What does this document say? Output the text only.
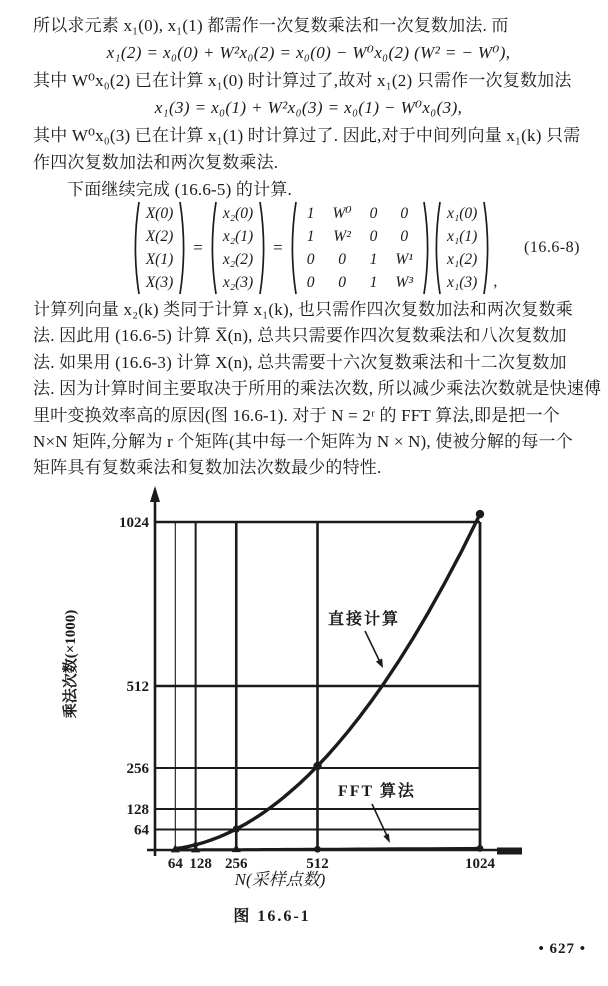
所以求元素 x₁(0), x₁(1) 都需作一次复数乘法和一次复数加法. 而
x₁(2) = x₀(0) + W²x₀(2) = x₀(0) − W⁰x₀(2) (W² = − W⁰),
其中 W⁰x₀(2) 已在计算 x₁(0) 时计算过了,故对 x₁(2) 只需作一次复数加法
x₁(3) = x₀(1) + W²x₀(3) = x₀(1) − W⁰x₀(3),
其中 W⁰x₀(3) 已在计算 x₁(1) 时计算过了. 因此,对于中间列向量 x₁(k) 只需
作四次复数加法和两次复数乘法.
下面继续完成 (16.6-5) 的计算.
X(0)
X(2)
X(1)
X(3)
=
x₂(0)
x₂(1)
x₂(2)
x₂(3)
=
1	W⁰	0	0
1	W²	0	0
0	0	1	W¹
0	0	1	W³
x₁(0)
x₁(1)
x₁(2)
x₁(3)	,
(16.6-8)
计算列向量 x₂(k) 类同于计算 x₁(k), 也只需作四次复数加法和两次复数乘
法. 因此用 (16.6-5) 计算 X̅(n), 总共只需要作四次复数乘法和八次复数加
法. 如果用 (16.6-3) 计算 X(n), 总共需要十六次复数乘法和十二次复数加
法. 因为计算时间主要取决于所用的乘法次数, 所以减少乘法次数就是快速傅
里叶变换效率高的原因(图 16.6-1). 对于 N = 2ʳ 的 FFT 算法,即是把一个
N×N 矩阵,分解为 r 个矩阵(其中每一个矩阵为 N × N), 使被分解的每一个
矩阵具有复数乘法和复数加法次数最少的特性.
64
128
256
512
1024
64 128 256	512	1024
直接计算
FFT 算法
乘法次数(×1000)
N(采样点数)
图 16.6-1
• 627 •
